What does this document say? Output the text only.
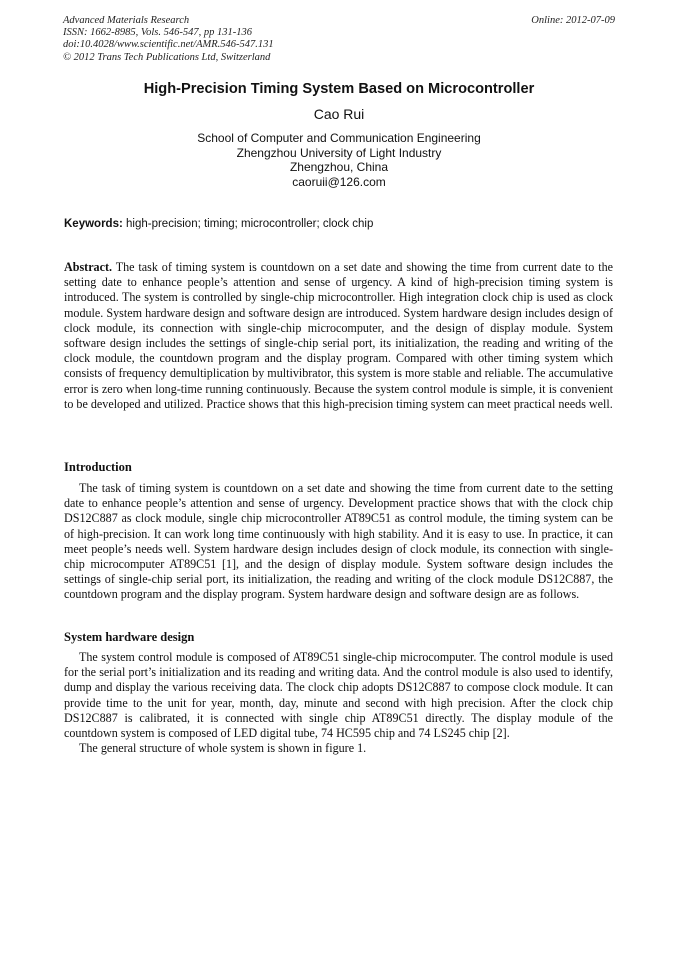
Advanced Materials Research
ISSN: 1662-8985, Vols. 546-547, pp 131-136
doi:10.4028/www.scientific.net/AMR.546-547.131
© 2012 Trans Tech Publications Ltd, Switzerland
Online: 2012-07-09
High-Precision Timing System Based on Microcontroller
Cao Rui
School of Computer and Communication Engineering
Zhengzhou University of Light Industry
Zhengzhou, China
caoruii@126.com
Keywords: high-precision; timing; microcontroller; clock chip

Abstract. The task of timing system is countdown on a set date and showing the time from current date to the setting date to enhance people’s attention and sense of urgency. A kind of high-precision timing system is introduced. The system is controlled by single-chip microcontroller. High integration clock chip is used as clock module. System hardware design and software design are introduced. System hardware design includes design of clock module, its connection with single-chip microcomputer, and the design of display module. System software design includes the settings of single-chip serial port, its initialization, the reading and writing of the clock module, the countdown program and the display program. Compared with other timing system which consists of frequency demultiplication by multivibrator, this system is more stable and reliable. The accumulative error is zero when long-time running continuously. Because the system control module is simple, it is convenient to be developed and utilized. Practice shows that this high-precision timing system can meet practical needs well.

Introduction

The task of timing system is countdown on a set date and showing the time from current date to the setting date to enhance people’s attention and sense of urgency. Development practice shows that with the clock chip DS12C887 as clock module, single chip microcontroller AT89C51 as control module, the timing system can be of high-precision. It can work long time continuously with high stability. And it is easy to use. In practice, it can meet people’s needs well. System hardware design includes design of clock module, its connection with single-chip microcomputer AT89C51 [1], and the design of display module. System software design includes the settings of single-chip serial port, its initialization, the reading and writing of the clock module DS12C887, the countdown program and the display program. System hardware design and software design are as follows.

System hardware design

The system control module is composed of AT89C51 single-chip microcomputer. The control module is used for the serial port’s initialization and its reading and writing data. And the control module is also used to identify, dump and display the various receiving data. The clock chip adopts DS12C887 to compose clock module. It can provide time to the unit for year, month, day, minute and second with high precision. After the clock chip DS12C887 is calibrated, it is connected with single chip AT89C51 directly. The display module of the countdown system is composed of LED digital tube, 74 HC595 chip and 74 LS245 chip [2].

The general structure of whole system is shown in figure 1.
